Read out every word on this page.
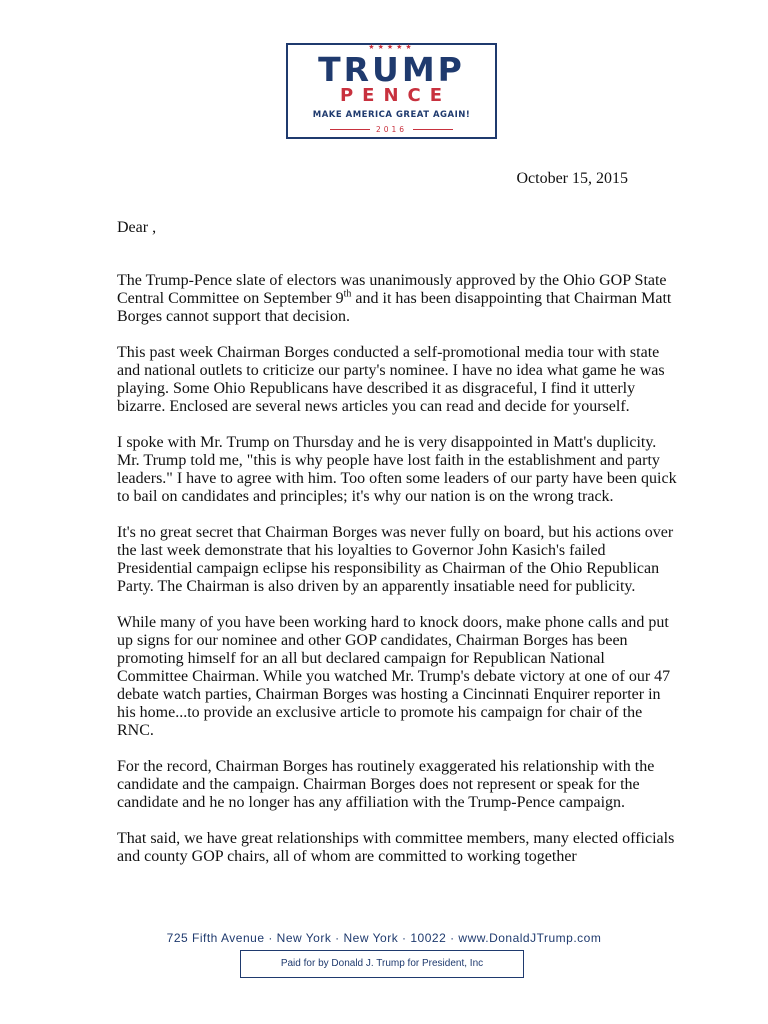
★★★★★
TRUMP
PENCE
MAKE AMERICA GREAT AGAIN!
2016
October 15, 2015
Dear ,

The Trump-Pence slate of electors was unanimously approved by the Ohio GOP State Central Committee on September 9th and it has been disappointing that Chairman Matt Borges cannot support that decision.

This past week Chairman Borges conducted a self-promotional media tour with state and national outlets to criticize our party's nominee. I have no idea what game he was playing. Some Ohio Republicans have described it as disgraceful, I find it utterly bizarre. Enclosed are several news articles you can read and decide for yourself.

I spoke with Mr. Trump on Thursday and he is very disappointed in Matt's duplicity. Mr. Trump told me, "this is why people have lost faith in the establishment and party leaders." I have to agree with him. Too often some leaders of our party have been quick to bail on candidates and principles; it's why our nation is on the wrong track.

It's no great secret that Chairman Borges was never fully on board, but his actions over the last week demonstrate that his loyalties to Governor John Kasich's failed Presidential campaign eclipse his responsibility as Chairman of the Ohio Republican Party. The Chairman is also driven by an apparently insatiable need for publicity.

While many of you have been working hard to knock doors, make phone calls and put up signs for our nominee and other GOP candidates, Chairman Borges has been promoting himself for an all but declared campaign for Republican National Committee Chairman. While you watched Mr. Trump's debate victory at one of our 47 debate watch parties, Chairman Borges was hosting a Cincinnati Enquirer reporter in his home...to provide an exclusive article to promote his campaign for chair of the RNC.

For the record, Chairman Borges has routinely exaggerated his relationship with the candidate and the campaign. Chairman Borges does not represent or speak for the candidate and he no longer has any affiliation with the Trump-Pence campaign.

That said, we have great relationships with committee members, many elected officials and county GOP chairs, all of whom are committed to working together

725 Fifth Avenue · New York · New York · 10022 · www.DonaldJTrump.com
Paid for by Donald J. Trump for President, Inc
